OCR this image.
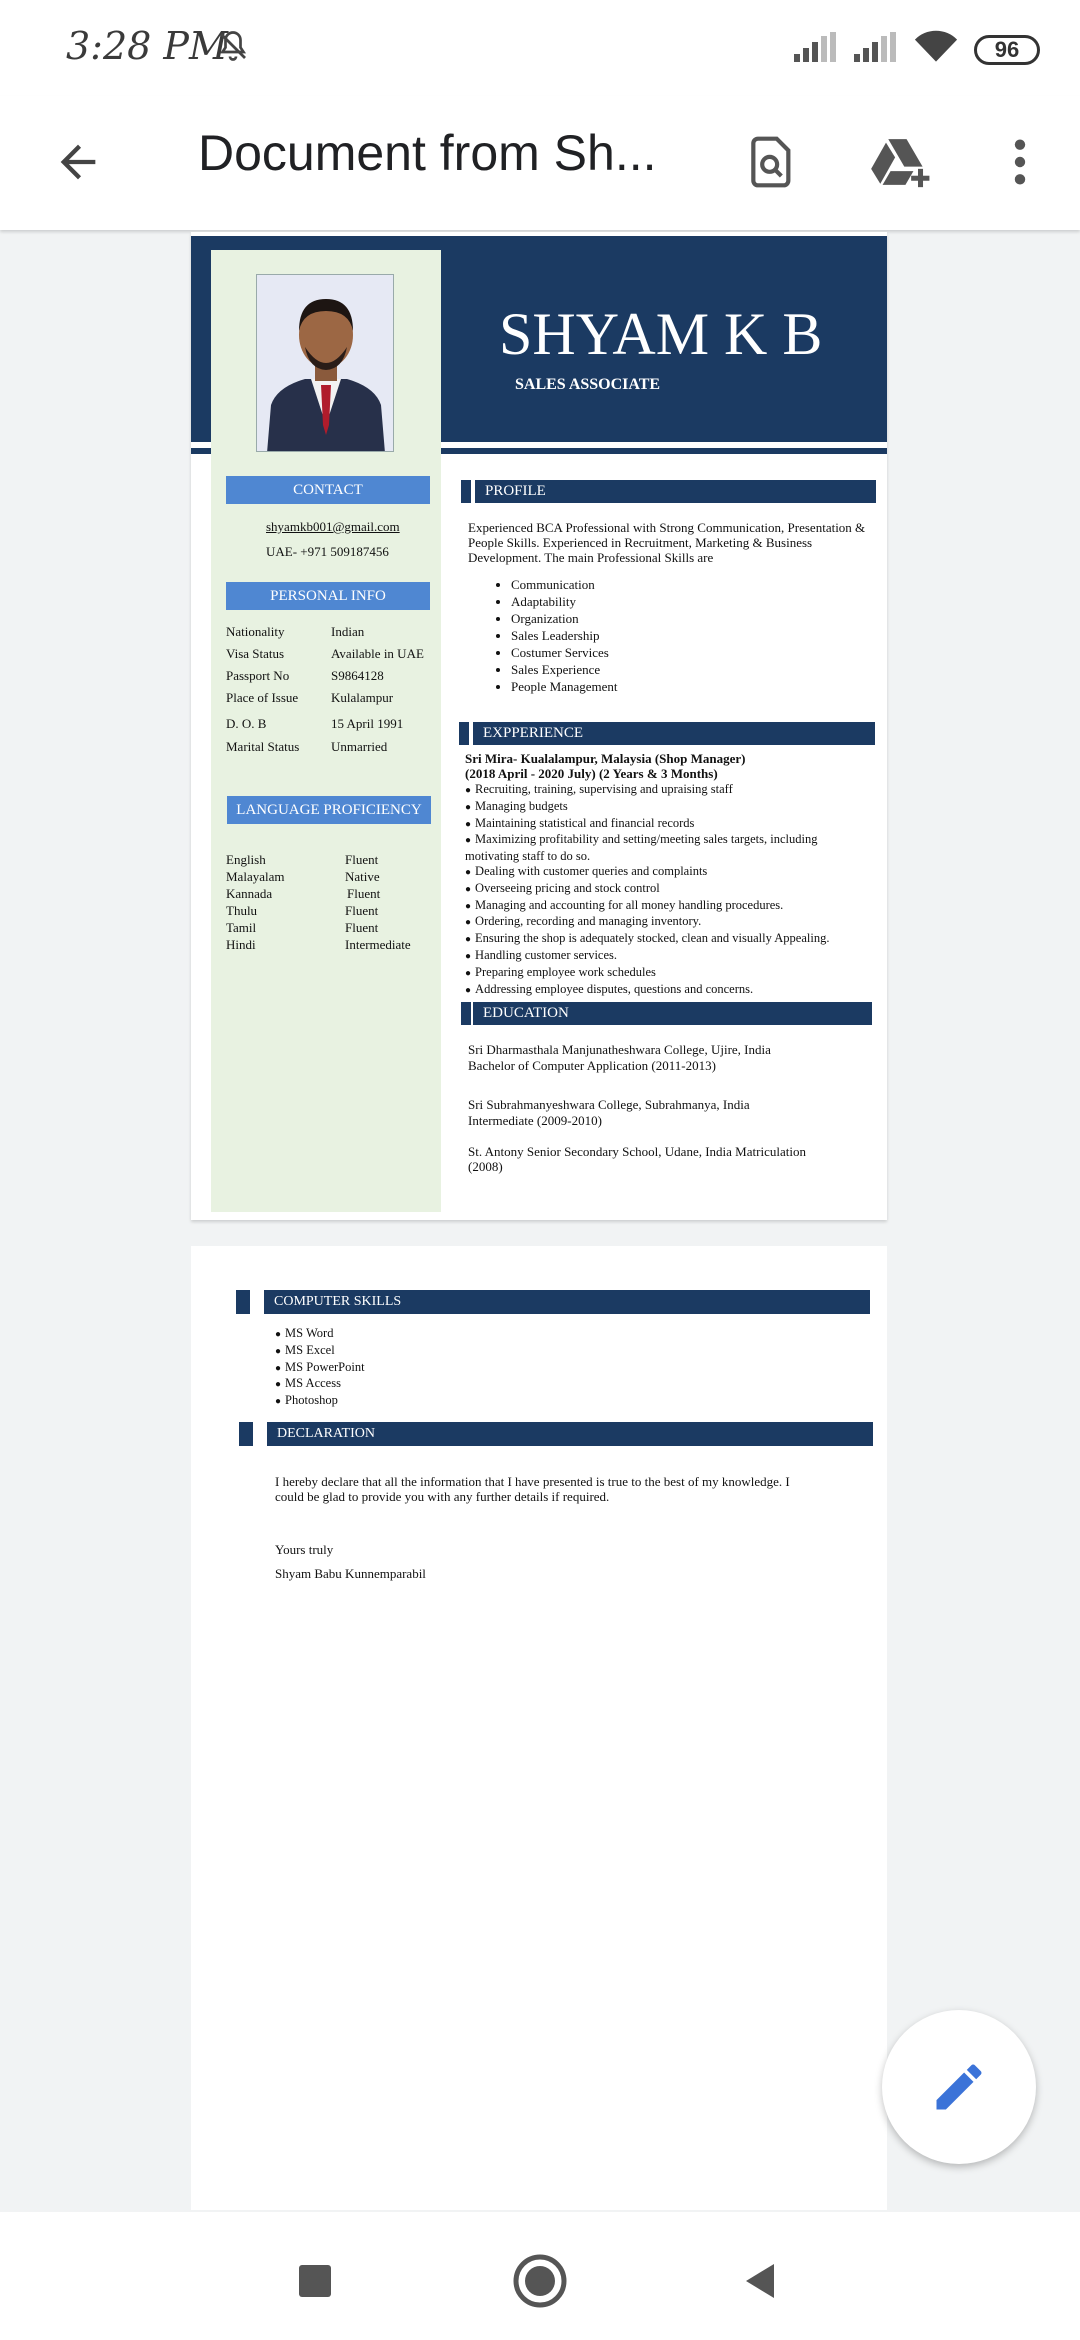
3:28 PM	96
Document from Sh...
SHYAM K B
SALES ASSOCIATE
CONTACT
shyamkb001@gmail.com
UAE- +971 509187456
PERSONAL INFO
Nationality	Indian
Visa Status	Available in UAE
Passport No	S9864128
Place of Issue	Kulalampur
D. O. B	15 April 1991
Marital Status Unmarried
LANGUAGE PROFICIENCY
English	Fluent
Malayalam	Native
Kannada	Fluent
Thulu	Fluent
Tamil	Fluent
Hindi	Intermediate
PROFILE
Experienced BCA Professional with Strong Communication, Presentation & People Skills. Experienced in Recruitment, Marketing & Business Development. The main Professional Skills are
• Communication
• Adaptability
• Organization
• Sales Leadership
• Costumer Services
• Sales Experience
• People Management
EXPPERIENCE
Sri Mira- Kualalampur, Malaysia (Shop Manager)
(2018 April - 2020 July) (2 Years & 3 Months)
● Recruiting, training, supervising and upraising staff
● Managing budgets
● Maintaining statistical and financial records
● Maximizing profitability and setting/meeting sales targets, including motivating staff to do so.
● Dealing with customer queries and complaints
● Overseeing pricing and stock control
● Managing and accounting for all money handling procedures.
● Ordering, recording and managing inventory.
● Ensuring the shop is adequately stocked, clean and visually Appealing.
● Handling customer services.
● Preparing employee work schedules
● Addressing employee disputes, questions and concerns.
EDUCATION
Sri Dharmasthala Manjunatheshwara College, Ujire, India
Bachelor of Computer Application (2011-2013)
Sri Subrahmanyeshwara College, Subrahmanya, India
Intermediate (2009-2010)
St. Antony Senior Secondary School, Udane, India Matriculation
(2008)
COMPUTER SKILLS
● MS Word
● MS Excel
● MS PowerPoint
● MS Access
● Photoshop
DECLARATION
I hereby declare that all the information that I have presented is true to the best of my knowledge. I could be glad to provide you with any further details if required.
Yours truly
Shyam Babu Kunnemparabil
